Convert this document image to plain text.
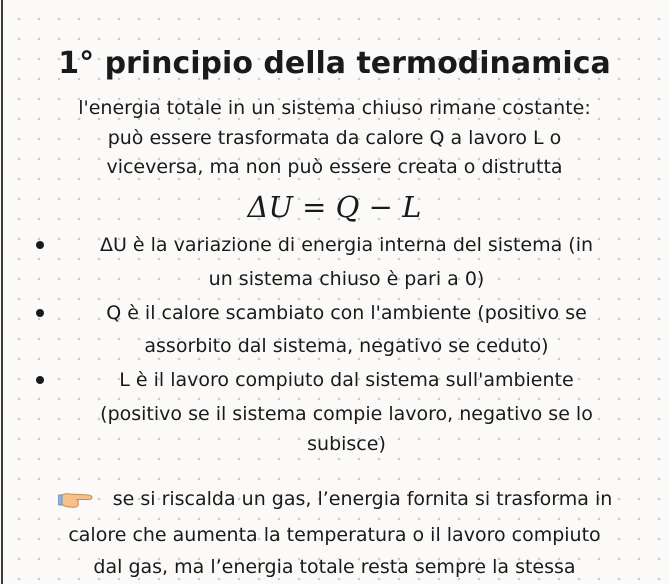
1° principio della termodinamica
l'energia totale in un sistema chiuso rimane costante:
può essere trasformata da calore Q a lavoro L o
viceversa, ma non può essere creata o distrutta
ΔU = Q − L
ΔU è la variazione di energia interna del sistema (in
un sistema chiuso è pari a 0)
Q è il calore scambiato con l'ambiente (positivo se
assorbito dal sistema, negativo se ceduto)
L è il lavoro compiuto dal sistema sull'ambiente
(positivo se il sistema compie lavoro, negativo se lo
subisce)
se si riscalda un gas, l’energia fornita si trasforma in
calore che aumenta la temperatura o il lavoro compiuto
dal gas, ma l’energia totale resta sempre la stessa
